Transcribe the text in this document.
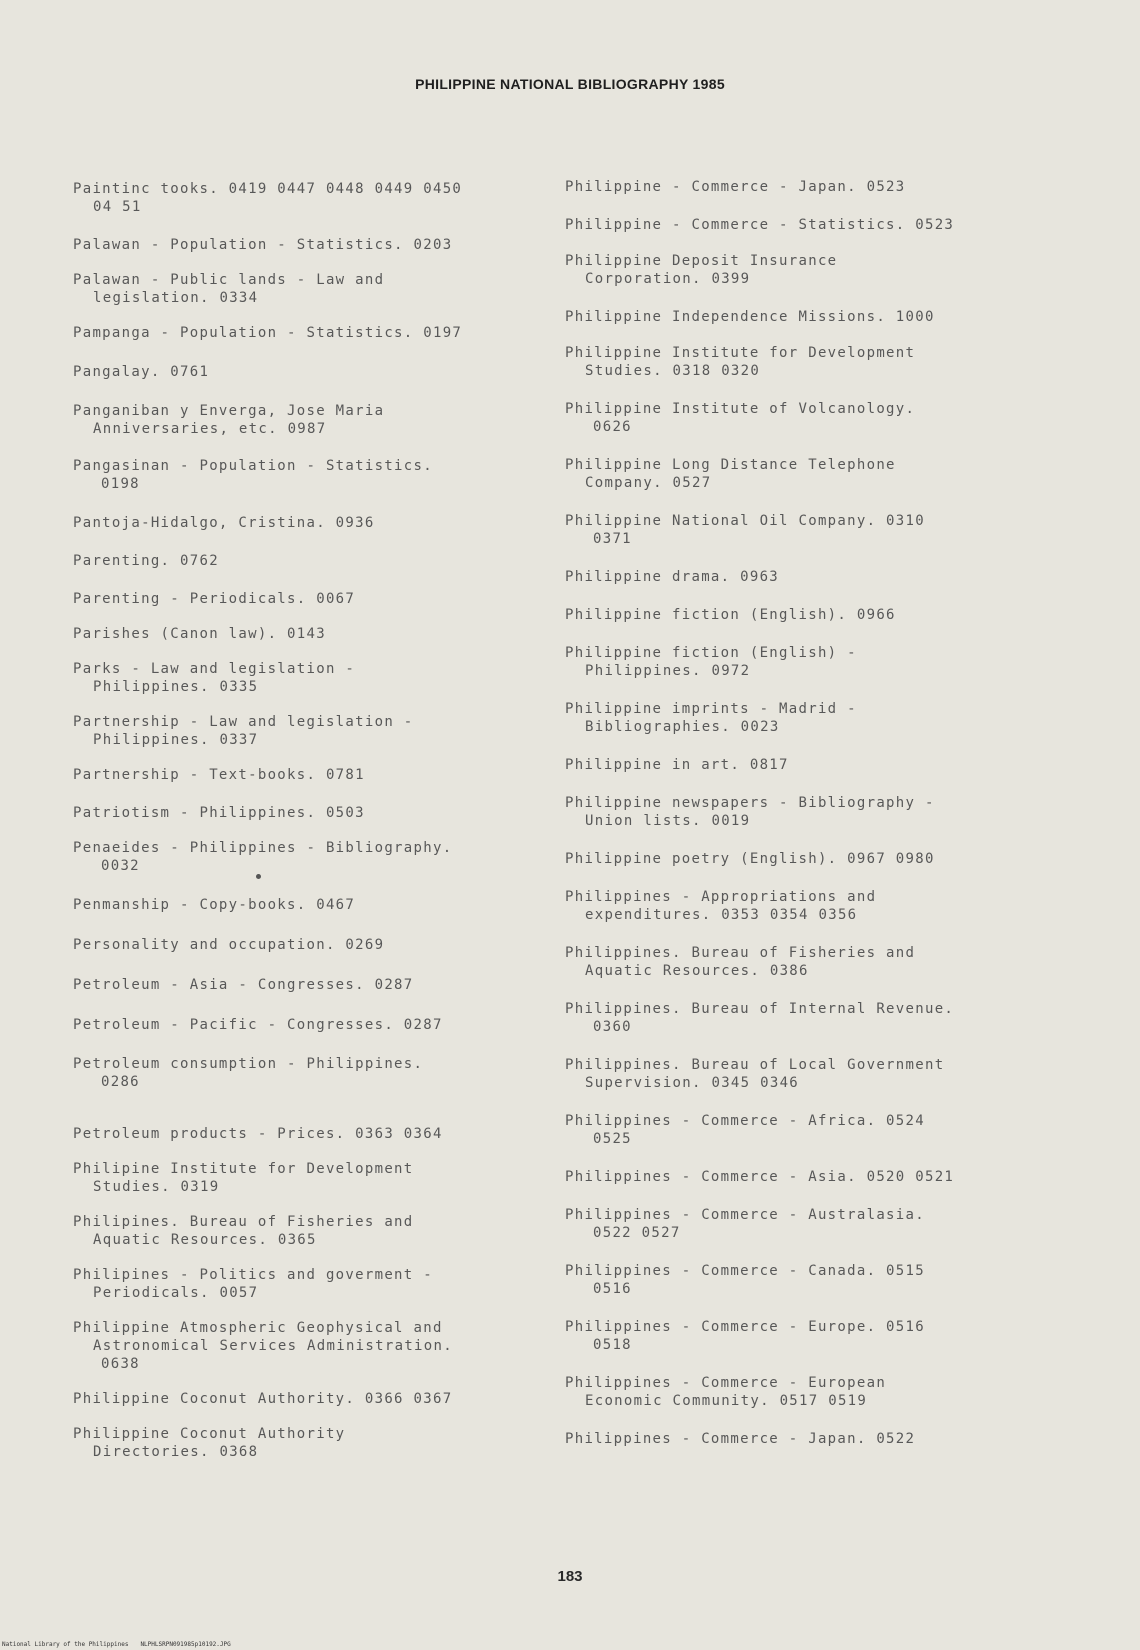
PHILIPPINE NATIONAL BIBLIOGRAPHY 1985
Paintinc tooks. 0419 0447 0448 0449 0450
04 51
Palawan - Population - Statistics. 0203
Palawan - Public lands - Law and
legislation. 0334
Pampanga - Population - Statistics. 0197
Pangalay. 0761
Panganiban y Enverga, Jose Maria
Anniversaries, etc. 0987
Pangasinan - Population - Statistics.
0198
Pantoja-Hidalgo, Cristina. 0936
Parenting. 0762
Parenting - Periodicals. 0067
Parishes (Canon law). 0143
Parks - Law and legislation -
Philippines. 0335
Partnership - Law and legislation -
Philippines. 0337
Partnership - Text-books. 0781
Patriotism - Philippines. 0503
Penaeides - Philippines - Bibliography.
0032
Penmanship - Copy-books. 0467
Personality and occupation. 0269
Petroleum - Asia - Congresses. 0287
Petroleum - Pacific - Congresses. 0287
Petroleum consumption - Philippines.
0286
Petroleum products - Prices. 0363 0364
Philipine Institute for Development
Studies. 0319
Philipines. Bureau of Fisheries and
Aquatic Resources. 0365
Philipines - Politics and goverment -
Periodicals. 0057
Philippine Atmospheric Geophysical and
Astronomical Services Administration.
0638
Philippine Coconut Authority. 0366 0367
Philippine Coconut Authority
Directories. 0368
Philippine - Commerce - Japan. 0523
Philippine - Commerce - Statistics. 0523
Philippine Deposit Insurance
Corporation. 0399
Philippine Independence Missions. 1000
Philippine Institute for Development
Studies. 0318 0320
Philippine Institute of Volcanology.
0626
Philippine Long Distance Telephone
Company. 0527
Philippine National Oil Company. 0310
0371
Philippine drama. 0963
Philippine fiction (English). 0966
Philippine fiction (English) -
Philippines. 0972
Philippine imprints - Madrid -
Bibliographies. 0023
Philippine in art. 0817
Philippine newspapers - Bibliography -
Union lists. 0019
Philippine poetry (English). 0967 0980
Philippines - Appropriations and
expenditures. 0353 0354 0356
Philippines. Bureau of Fisheries and
Aquatic Resources. 0386
Philippines. Bureau of Internal Revenue.
0360
Philippines. Bureau of Local Government
Supervision. 0345 0346
Philippines - Commerce - Africa. 0524
0525
Philippines - Commerce - Asia. 0520 0521
Philippines - Commerce - Australasia.
0522 0527
Philippines - Commerce - Canada. 0515
0516
Philippines - Commerce - Europe. 0516
0518
Philippines - Commerce - European
Economic Community. 0517 0519
Philippines - Commerce - Japan. 0522
183
National Library of the Philippines NLPHLSRPN091985p10192.JPG
